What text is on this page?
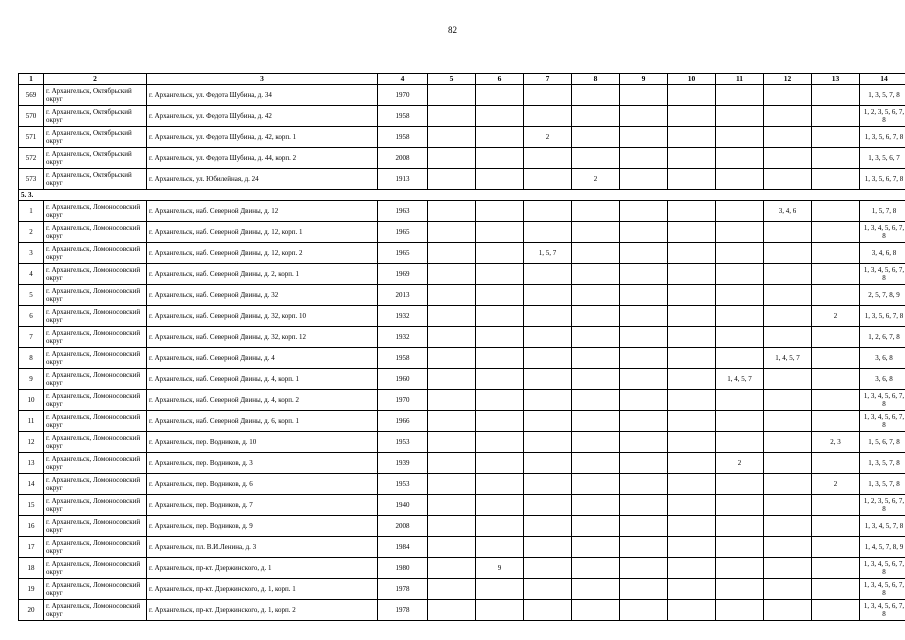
82
1	2	3	4	5	6	7	8	9	10	11	12	13	14
569	г. Архангельск, Октябрьский округ	г. Архангельск, ул. Федота Шубина, д. 34	1970										1, 3, 5, 7, 8
570	г. Архангельск, Октябрьский округ	г. Архангельск, ул. Федота Шубина, д. 42	1958										1, 2, 3, 5, 6, 7, 8
571	г. Архангельск, Октябрьский округ	г. Архангельск, ул. Федота Шубина, д. 42, корп. 1	1958			2							1, 3, 5, 6, 7, 8
572	г. Архангельск, Октябрьский округ	г. Архангельск, ул. Федота Шубина, д. 44, корп. 2	2008										1, 3, 5, 6, 7
573	г. Архангельск, Октябрьский округ	г. Архангельск, ул. Юбилейная, д. 24	1913				2						1, 3, 5, 6, 7, 8
5. 3.													
1	г. Архангельск, Ломоносовский округ	г. Архангельск, наб. Северной Двины, д. 12	1963								3, 4, 6		1, 5, 7, 8
2	г. Архангельск, Ломоносовский округ	г. Архангельск, наб. Северной Двины, д. 12, корп. 1	1965										1, 3, 4, 5, 6, 7, 8
3	г. Архангельск, Ломоносовский округ	г. Архангельск, наб. Северной Двины, д. 12, корп. 2	1965			1, 5, 7							3, 4, 6, 8
4	г. Архангельск, Ломоносовский округ	г. Архангельск, наб. Северной Двины, д. 2, корп. 1	1969										1, 3, 4, 5, 6, 7, 8
5	г. Архангельск, Ломоносовский округ	г. Архангельск, наб. Северной Двины, д. 32	2013										2, 5, 7, 8, 9
6	г. Архангельск, Ломоносовский округ	г. Архангельск, наб. Северной Двины, д. 32, корп. 10	1932									2	1, 3, 5, 6, 7, 8
7	г. Архангельск, Ломоносовский округ	г. Архангельск, наб. Северной Двины, д. 32, корп. 12	1932										1, 2, 6, 7, 8
8	г. Архангельск, Ломоносовский округ	г. Архангельск, наб. Северной Двины, д. 4	1958								1, 4, 5, 7		3, 6, 8
9	г. Архангельск, Ломоносовский округ	г. Архангельск, наб. Северной Двины, д. 4, корп. 1	1960							1, 4, 5, 7			3, 6, 8
10	г. Архангельск, Ломоносовский округ	г. Архангельск, наб. Северной Двины, д. 4, корп. 2	1970										1, 3, 4, 5, 6, 7, 8
11	г. Архангельск, Ломоносовский округ	г. Архангельск, наб. Северной Двины, д. 6, корп. 1	1966										1, 3, 4, 5, 6, 7, 8
12	г. Архангельск, Ломоносовский округ	г. Архангельск, пер. Водников, д. 10	1953									2, 3	1, 5, 6, 7, 8
13	г. Архангельск, Ломоносовский округ	г. Архангельск, пер. Водников, д. 3	1939							2			1, 3, 5, 7, 8
14	г. Архангельск, Ломоносовский округ	г. Архангельск, пер. Водников, д. 6	1953									2	1, 3, 5, 7, 8
15	г. Архангельск, Ломоносовский округ	г. Архангельск, пер. Водников, д. 7	1940										1, 2, 3, 5, 6, 7, 8
16	г. Архангельск, Ломоносовский округ	г. Архангельск, пер. Водников, д. 9	2008										1, 3, 4, 5, 7, 8
17	г. Архангельск, Ломоносовский округ	г. Архангельск, пл. В.И.Ленина, д. 3	1984										1, 4, 5, 7, 8, 9
18	г. Архангельск, Ломоносовский округ	г. Архангельск, пр-кт. Дзержинского, д. 1	1980		9								1, 3, 4, 5, 6, 7, 8
19	г. Архангельск, Ломоносовский округ	г. Архангельск, пр-кт. Дзержинского, д. 1, корп. 1	1978										1, 3, 4, 5, 6, 7, 8
20	г. Архангельск, Ломоносовский округ	г. Архангельск, пр-кт. Дзержинского, д. 1, корп. 2	1978										1, 3, 4, 5, 6, 7, 8
